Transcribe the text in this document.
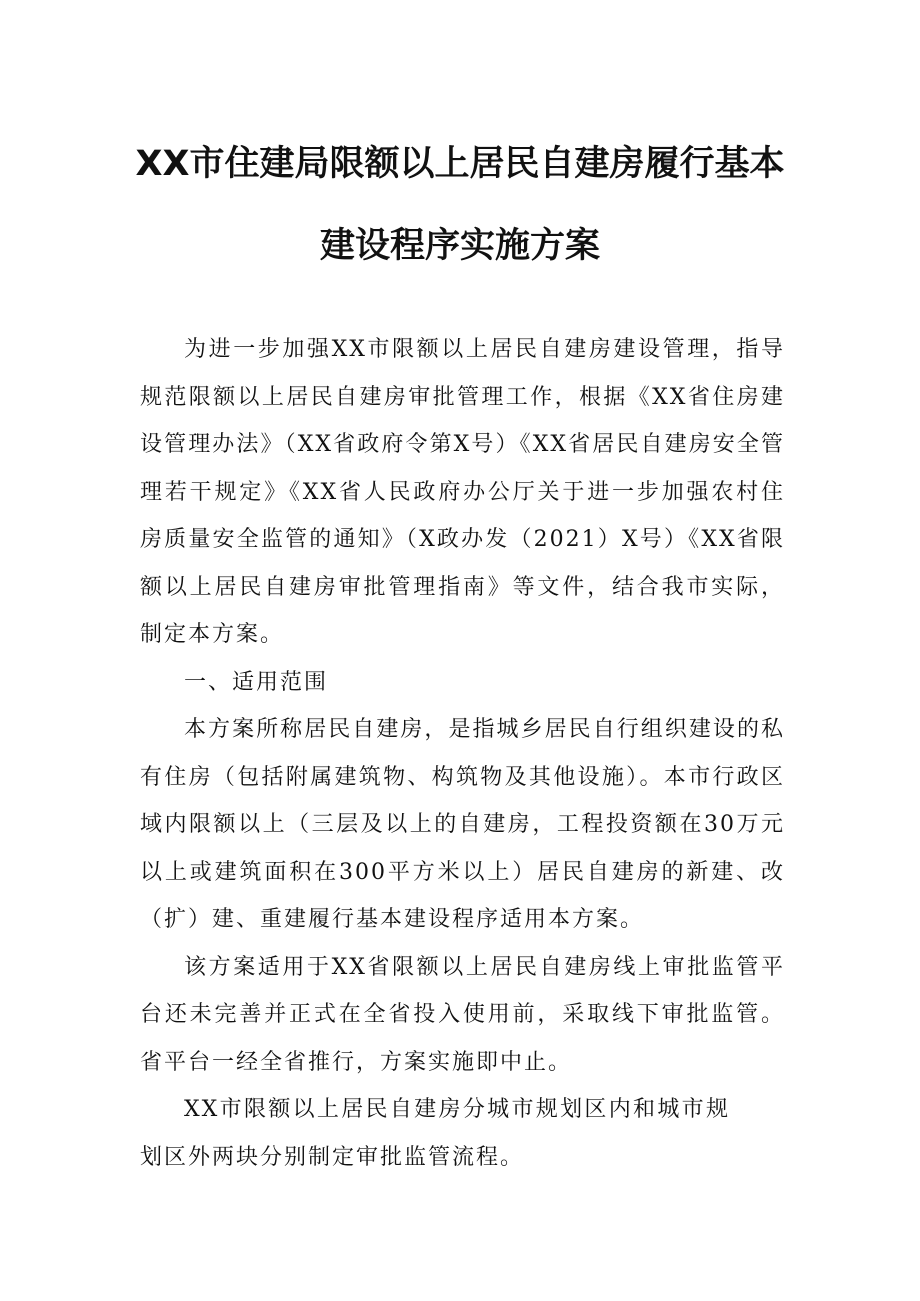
XX市住建局限额以上居民自建房履行基本
建设程序实施方案

为进一步加强XX市限额以上居民自建房建设管理，指导规范限额以上居民自建房审批管理工作，根据《XX省住房建设管理办法》（XX省政府令第X号）《XX省居民自建房安全管理若干规定》《XX省人民政府办公厅关于进一步加强农村住房质量安全监管的通知》（X政办发（2021）X号）《XX省限额以上居民自建房审批管理指南》等文件，结合我市实际，制定本方案。

一、适用范围

本方案所称居民自建房，是指城乡居民自行组织建设的私有住房（包括附属建筑物、构筑物及其他设施）。本市行政区域内限额以上（三层及以上的自建房，工程投资额在30万元以上或建筑面积在300平方米以上）居民自建房的新建、改（扩）建、重建履行基本建设程序适用本方案。

该方案适用于XX省限额以上居民自建房线上审批监管平台还未完善并正式在全省投入使用前，采取线下审批监管。省平台一经全省推行，方案实施即中止。

XX市限额以上居民自建房分城市规划区内和城市规划区外两块分别制定审批监管流程。
